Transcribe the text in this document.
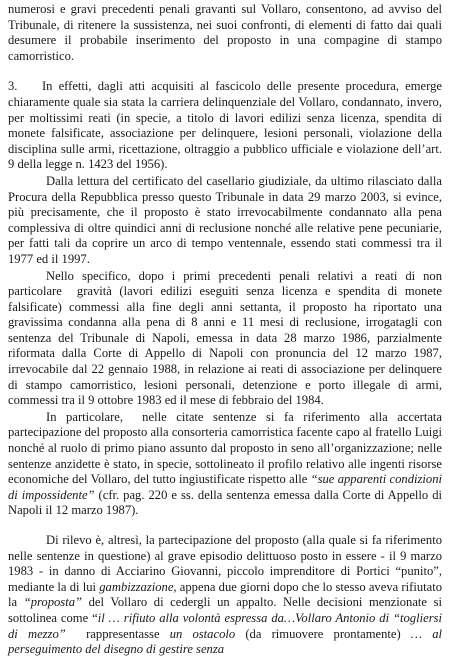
numerosi e gravi precedenti penali gravanti sul Vollaro, consentono, ad avviso del Tribunale, di ritenere la sussistenza, nei suoi confronti, di elementi di fatto dai quali desumere il probabile inserimento del proposto in una compagine di stampo camorristico.

3.    In effetti, dagli atti acquisiti al fascicolo delle presente procedura, emerge chiaramente quale sia stata la carriera delinquenziale del Vollaro, condannato, invero, per moltissimi reati (in specie, a titolo di lavori edilizi senza licenza, spendita di monete falsificate, associazione per delinquere, lesioni personali, violazione della disciplina sulle armi, ricettazione, oltraggio a pubblico ufficiale e violazione dell’art. 9 della legge n. 1423 del 1956).

Dalla lettura del certificato del casellario giudiziale, da ultimo rilasciato dalla Procura della Repubblica presso questo Tribunale in data 29 marzo 2003, si evince, più precisamente, che il proposto è stato irrevocabilmente condannato alla pena complessiva di oltre quindici anni di reclusione nonché alle relative pene pecuniarie, per fatti tali da coprire un arco di tempo ventennale, essendo stati commessi tra il 1977 ed il 1997.

Nello specifico, dopo i primi precedenti penali relativi a reati di non particolare  gravità (lavori edilizi eseguiti senza licenza e spendita di monete falsificate) commessi alla fine degli anni settanta, il proposto ha riportato una gravissima condanna alla pena di 8 anni e 11 mesi di reclusione, irrogatagli con sentenza del Tribunale di Napoli, emessa in data 28 marzo 1986, parzialmente riformata dalla Corte di Appello di Napoli con pronuncia del 12 marzo 1987, irrevocabile dal 22 gennaio 1988, in relazione ai reati di associazione per delinquere di stampo camorristico, lesioni personali, detenzione e porto illegale di armi, commessi tra il 9 ottobre 1983 ed il mese di febbraio del 1984.

In particolare,  nelle citate sentenze si fa riferimento alla accertata partecipazione del proposto alla consorteria camorristica facente capo al fratello Luigi nonché al ruolo di primo piano assunto dal proposto in seno all’organizzazione; nelle sentenze anzidette è stato, in specie, sottolineato il profilo relativo alle ingenti risorse economiche del Vollaro, del tutto ingiustificate rispetto alle “sue apparenti condizioni di impossidente” (cfr. pag. 220 e ss. della sentenza emessa dalla Corte di Appello di Napoli il 12 marzo 1987).

Di rilevo è, altresì, la partecipazione del proposto (alla quale si fa riferimento nelle sentenze in questione) al grave episodio delittuoso posto in essere - il 9 marzo 1983 - in danno di Acciarino Giovanni, piccolo imprenditore di Portici “punito”, mediante la di lui gambizzazione, appena due giorni dopo che lo stesso aveva rifiutato la “proposta” del Vollaro di cedergli un appalto. Nelle decisioni menzionate si sottolinea come “il … rifiuto alla volontà espressa da…Vollaro Antonio di “togliersi di mezzo”  rappresentasse un ostacolo (da rimuovere prontamente) … al perseguimento del disegno di gestire senza
